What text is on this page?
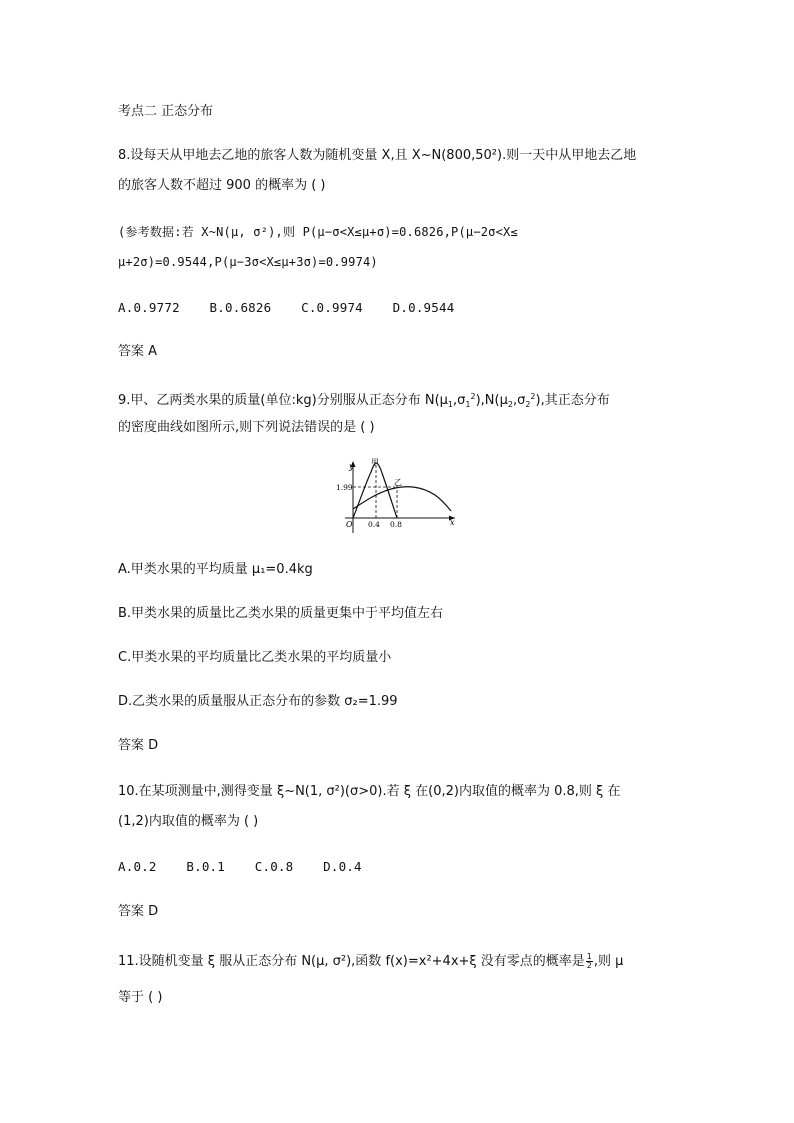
考点二 正态分布
8.设每天从甲地去乙地的旅客人数为随机变量 X,且 X~N(800,50²).则一天中从甲地去乙地
的旅客人数不超过 900 的概率为 ( )
(参考数据:若 X~N(μ, σ²),则 P(μ−σ<X≤μ+σ)=0.6826,P(μ−2σ<X≤
μ+2σ)=0.9544,P(μ−3σ<X≤μ+3σ)=0.9974)
A.0.9772 B.0.6826 C.0.9974 D.0.9544
答案 A
9.甲、乙两类水果的质量(单位:kg)分别服从正态分布 $N(\mu_1,\sigma_1^2),N(\mu_2,\sigma_2^2)$,其正态分布
的密度曲线如图所示,则下列说法错误的是 ( )
y
x
O
甲
乙
1.99
0.4 0.8
A.甲类水果的平均质量 μ₁=0.4kg
B.甲类水果的质量比乙类水果的质量更集中于平均值左右
C.甲类水果的平均质量比乙类水果的平均质量小
D.乙类水果的质量服从正态分布的参数 σ₂=1.99
答案 D
10.在某项测量中,测得变量 ξ~N(1, σ²)(σ>0).若 ξ 在(0,2)内取值的概率为 0.8,则 ξ 在
(1,2)内取值的概率为 ( )
A.0.2 B.0.1 C.0.8 D.0.4
答案 D
11.设随机变量 ξ 服从正态分布 N(μ, σ²),函数 f(x)=x²+4x+ξ 没有零点的概率是 $\frac{1}{2}$ ,则 μ
等于 ( )
